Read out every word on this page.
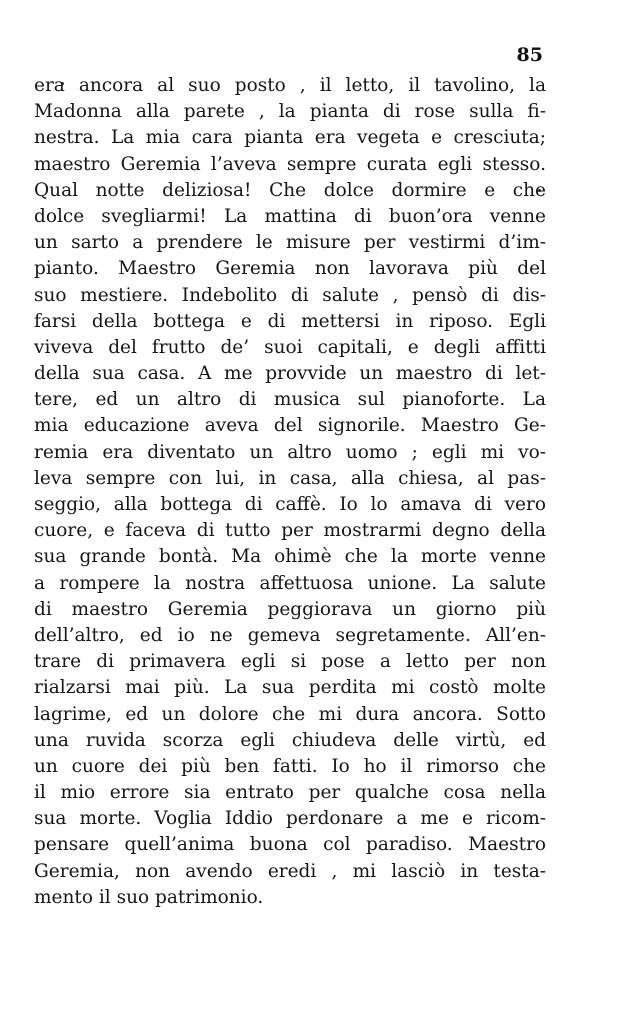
85
era ancora al suo posto , il letto, il tavolino, la
Madonna alla parete , la pianta di rose sulla fi-
nestra. La mia cara pianta era vegeta e cresciuta;
maestro Geremia l’aveva sempre curata egli stesso.
Qual notte deliziosa! Che dolce dormire e che
dolce svegliarmi! La mattina di buon’ora venne
un sarto a prendere le misure per vestirmi d’im-
pianto. Maestro Geremia non lavorava più del
suo mestiere. Indebolito di salute , pensò di dis-
farsi della bottega e di mettersi in riposo. Egli
viveva del frutto de’ suoi capitali, e degli affitti
della sua casa. A me provvide un maestro di let-
tere, ed un altro di musica sul pianoforte. La
mia educazione aveva del signorile. Maestro Ge-
remia era diventato un altro uomo ; egli mi vo-
leva sempre con lui, in casa, alla chiesa, al pas-
seggio, alla bottega di caffè. Io lo amava di vero
cuore, e faceva di tutto per mostrarmi degno della
sua grande bontà. Ma ohimè che la morte venne
a rompere la nostra affettuosa unione. La salute
di maestro Geremia peggiorava un giorno più
dell’altro, ed io ne gemeva segretamente. All’en-
trare di primavera egli si pose a letto per non
rialzarsi mai più. La sua perdita mi costò molte
lagrime, ed un dolore che mi dura ancora. Sotto
una ruvida scorza egli chiudeva delle virtù, ed
un cuore dei più ben fatti. Io ho il rimorso che
il mio errore sia entrato per qualche cosa nella
sua morte. Voglia Iddio perdonare a me e ricom-
pensare quell’anima buona col paradiso. Maestro
Geremia, non avendo eredi , mi lasciò in testa-
mento il suo patrimonio.
